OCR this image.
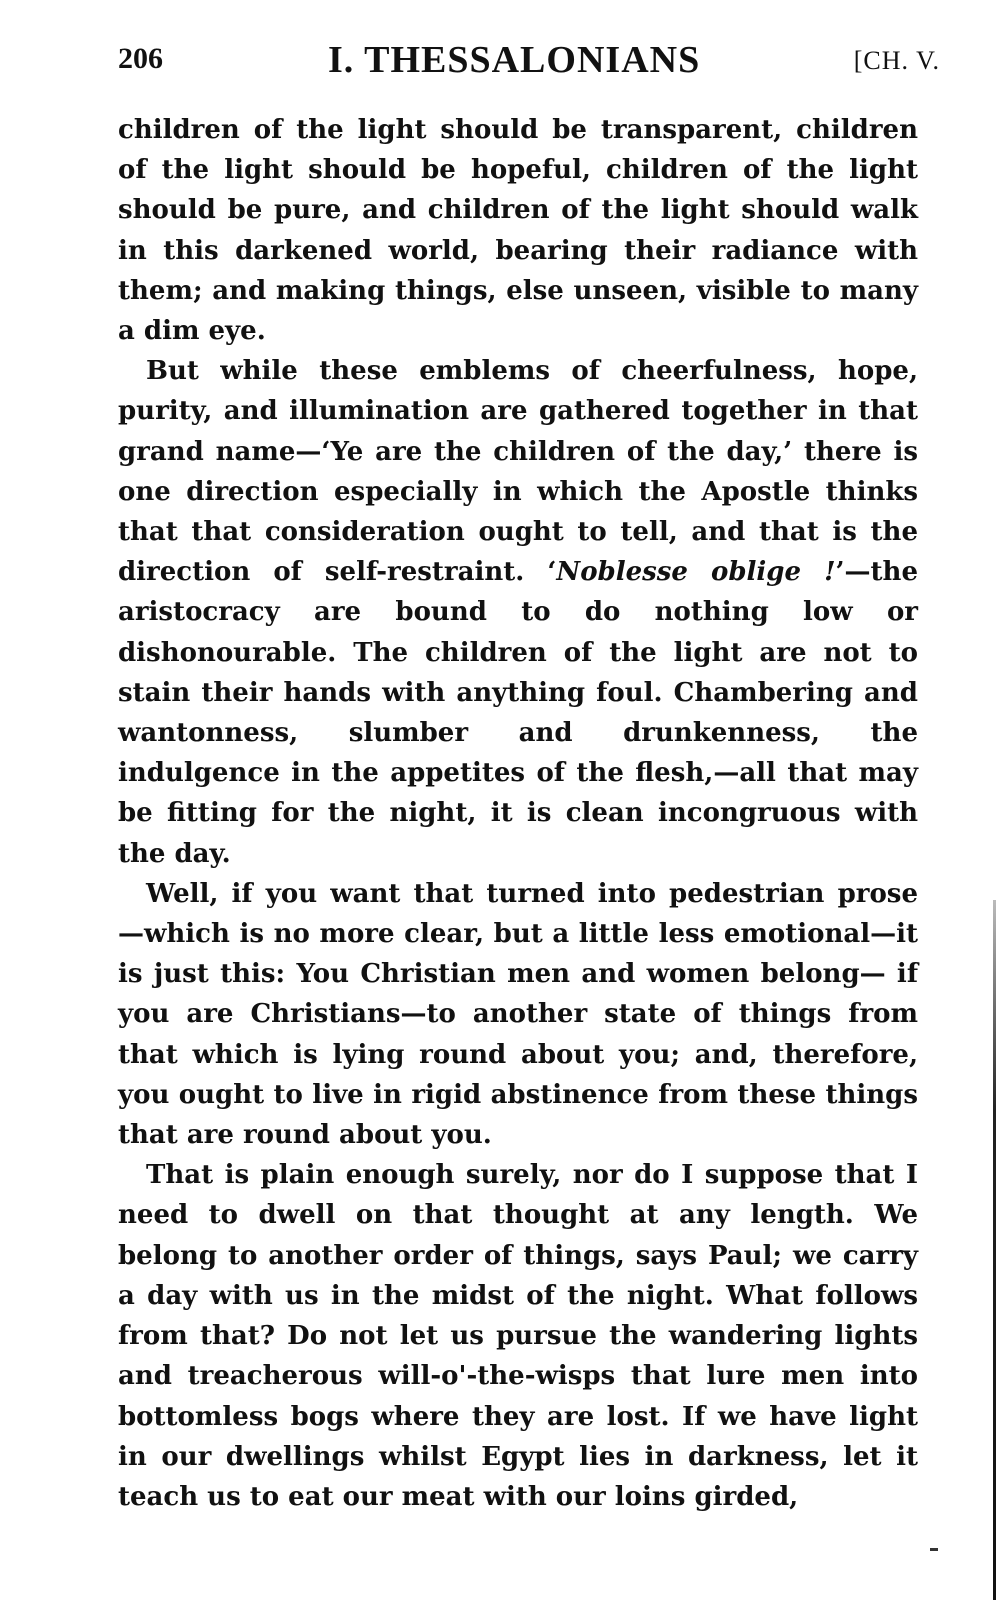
206	I. THESSALONIANS	[CH. V.

children of the light should be transparent, children of the light should be hopeful, children of the light should be pure, and children of the light should walk in this darkened world, bearing their radiance with them; and making things, else unseen, visible to many a dim eye.

But while these emblems of cheerfulness, hope, purity, and illumination are gathered together in that grand name—‘Ye are the children of the day,’ there is one direction especially in which the Apostle thinks that that consideration ought to tell, and that is the direction of self-restraint. ‘Noblesse oblige !’—the aristocracy are bound to do nothing low or dishonourable. The children of the light are not to stain their hands with anything foul. Chambering and wantonness, slumber and drunkenness, the indulgence in the appetites of the flesh,—all that may be fitting for the night, it is clean incongruous with the day.

Well, if you want that turned into pedestrian prose —which is no more clear, but a little less emotional—it is just this: You Christian men and women belong— if you are Christians—to another state of things from that which is lying round about you; and, therefore, you ought to live in rigid abstinence from these things that are round about you.

That is plain enough surely, nor do I suppose that I need to dwell on that thought at any length. We belong to another order of things, says Paul; we carry a day with us in the midst of the night. What follows from that? Do not let us pursue the wandering lights and treacherous will-o'-the-wisps that lure men into bottomless bogs where they are lost. If we have light in our dwellings whilst Egypt lies in darkness, let it teach us to eat our meat with our loins girded,
